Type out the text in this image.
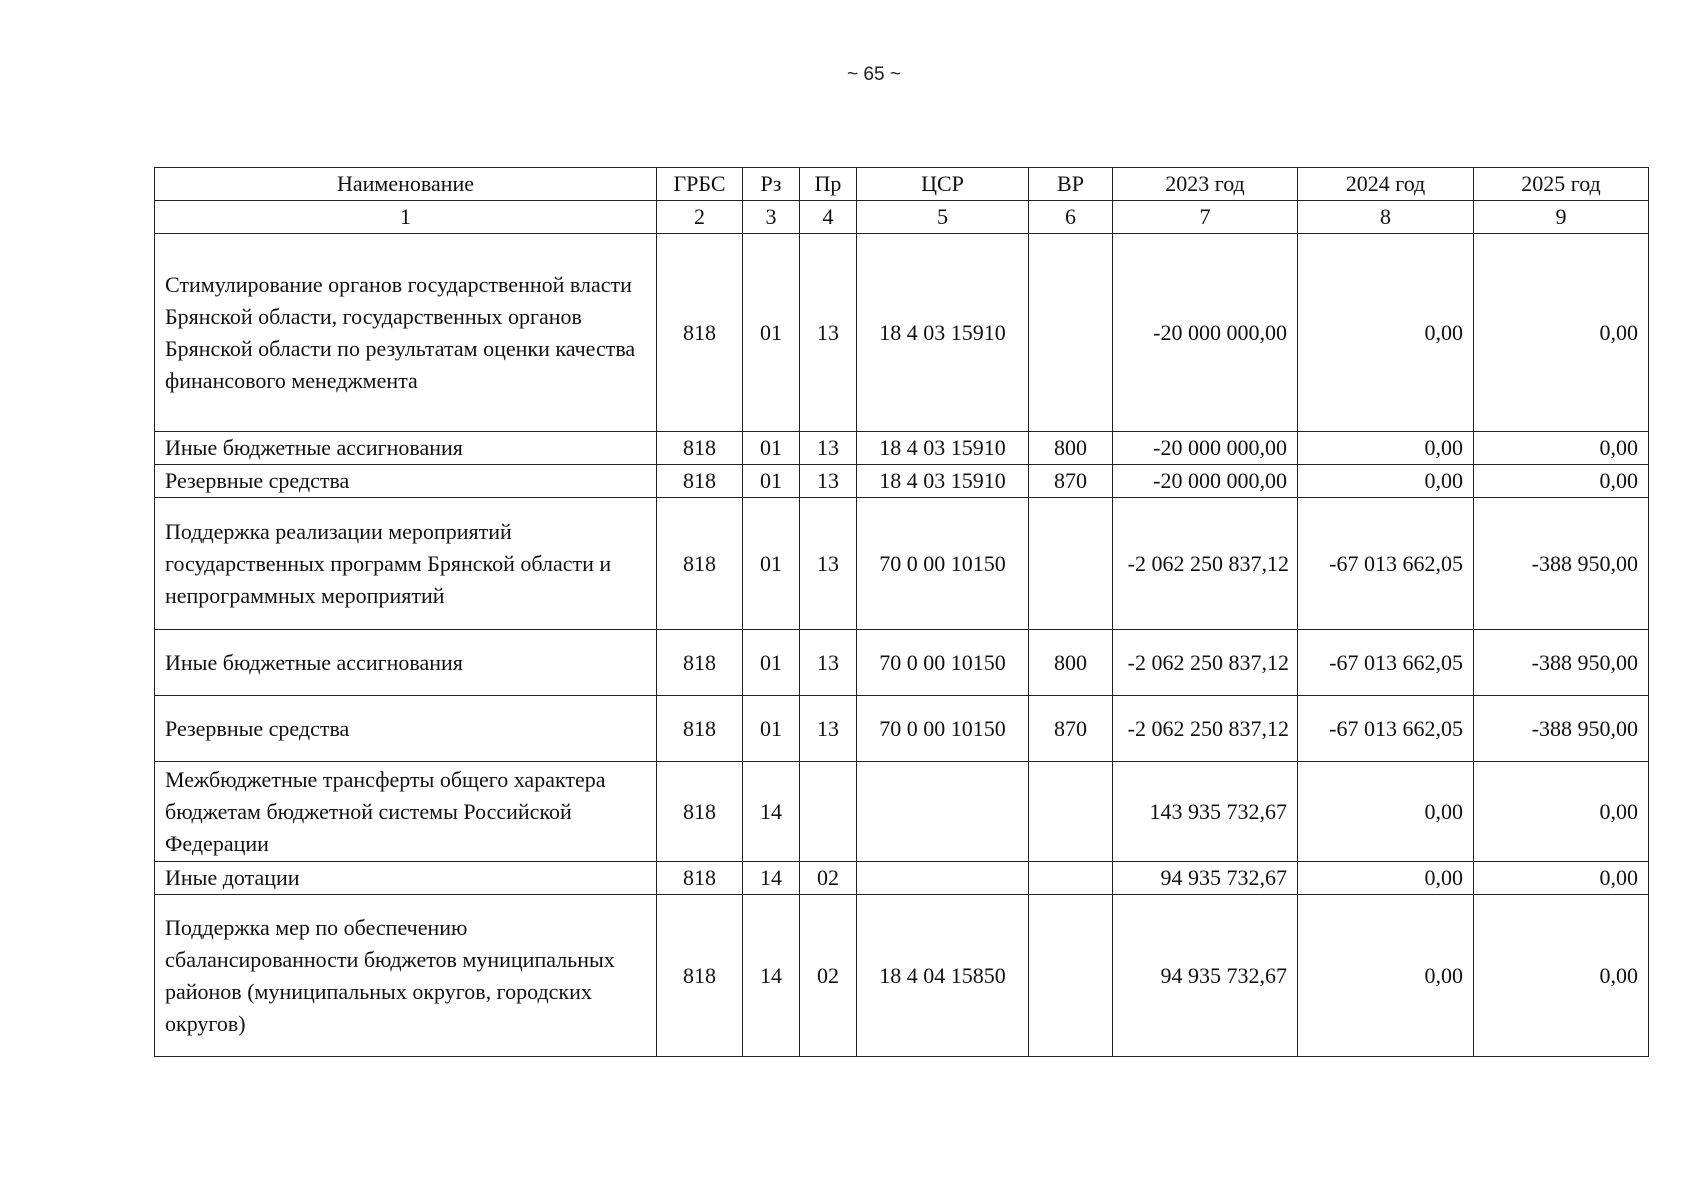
~ 65 ~
Наименование	ГРБС	Рз	Пр	ЦСР	ВР	2023 год	2024 год	2025 год
1	2	3	4	5	6	7	8	9
Стимулирование органов государственной власти Брянской области, государственных органов Брянской области по результатам оценки качества финансового менеджмента	818	01	13	18 4 03 15910		-20 000 000,00	0,00	0,00
Иные бюджетные ассигнования	818	01	13	18 4 03 15910	800	-20 000 000,00	0,00	0,00
Резервные средства	818	01	13	18 4 03 15910	870	-20 000 000,00	0,00	0,00
Поддержка реализации мероприятий государственных программ Брянской области и непрограммных мероприятий	818	01	13	70 0 00 10150		-2 062 250 837,12	-67 013 662,05	-388 950,00
Иные бюджетные ассигнования	818	01	13	70 0 00 10150	800	-2 062 250 837,12	-67 013 662,05	-388 950,00
Резервные средства	818	01	13	70 0 00 10150	870	-2 062 250 837,12	-67 013 662,05	-388 950,00
Межбюджетные трансферты общего характера бюджетам бюджетной системы Российской Федерации	818	14				143 935 732,67	0,00	0,00
Иные дотации	818	14	02			94 935 732,67	0,00	0,00
Поддержка мер по обеспечению сбалансированности бюджетов муниципальных районов (муниципальных округов, городских округов)	818	14	02	18 4 04 15850		94 935 732,67	0,00	0,00
